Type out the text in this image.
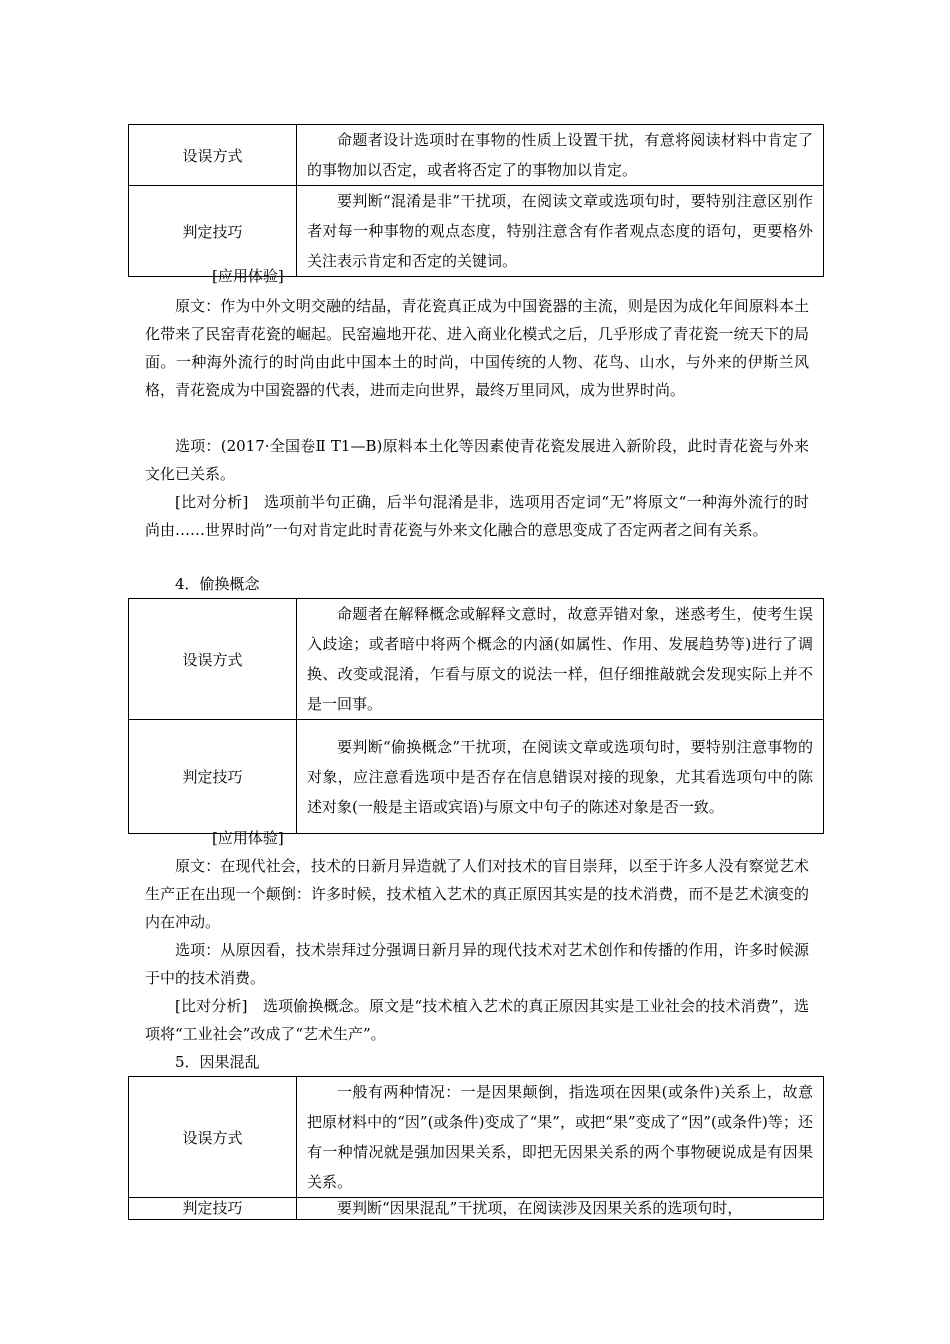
设误方式	命题者设计选项时在事物的性质上设置干扰，有意将阅读材料中肯定了的事物加以否定，或者将否定了的事物加以肯定。

判定技巧	要判断“混淆是非”干扰项，在阅读文章或选项句时，要特别注意区别作者对每一种事物的观点态度，特别注意含有作者观点态度的语句，更要格外关注表示肯定和否定的关键词。
[应用体验]
原文：作为中外文明交融的结晶，青花瓷真正成为中国瓷器的主流，则是因为成化年间原料本土化带来了民窑青花瓷的崛起。民窑遍地开花、进入商业化模式之后，几乎形成了青花瓷一统天下的局面。一种海外流行的时尚由此中国本土的时尚，中国传统的人物、花鸟、山水，与外来的伊斯兰风格，青花瓷成为中国瓷器的代表，进而走向世界，最终万里同风，成为世界时尚。
选项：(2017·全国卷Ⅱ T1—B)原料本土化等因素使青花瓷发展进入新阶段，此时青花瓷与外来文化已关系。
[比对分析]　选项前半句正确，后半句混淆是非，选项用否定词“无”将原文“一种海外流行的时尚由……世界时尚”一句对肯定此时青花瓷与外来文化融合的意思变成了否定两者之间有关系。
4．偷换概念
设误方式	命题者在解释概念或解释文意时，故意弄错对象，迷惑考生，使考生误入歧途；或者暗中将两个概念的内涵(如属性、作用、发展趋势等)进行了调换、改变或混淆，乍看与原文的说法一样，但仔细推敲就会发现实际上并不是一回事。

判定技巧	要判断“偷换概念”干扰项，在阅读文章或选项句时，要特别注意事物的对象，应注意看选项中是否存在信息错误对接的现象，尤其看选项句中的陈述对象(一般是主语或宾语)与原文中句子的陈述对象是否一致。
[应用体验]
原文：在现代社会，技术的日新月异造就了人们对技术的盲目崇拜，以至于许多人没有察觉艺术生产正在出现一个颠倒：许多时候，技术植入艺术的真正原因其实是的技术消费，而不是艺术演变的内在冲动。
选项：从原因看，技术崇拜过分强调日新月异的现代技术对艺术创作和传播的作用，许多时候源于中的技术消费。
[比对分析]　选项偷换概念。原文是“技术植入艺术的真正原因其实是工业社会的技术消费”，选项将“工业社会”改成了“艺术生产”。
5．因果混乱
设误方式	一般有两种情况：一是因果颠倒，指选项在因果(或条件)关系上，故意把原材料中的“因”(或条件)变成了“果”，或把“果”变成了“因”(或条件)等；还有一种情况就是强加因果关系，即把无因果关系的两个事物硬说成是有因果关系。

判定技巧	要判断“因果混乱”干扰项，在阅读涉及因果关系的选项句时，
